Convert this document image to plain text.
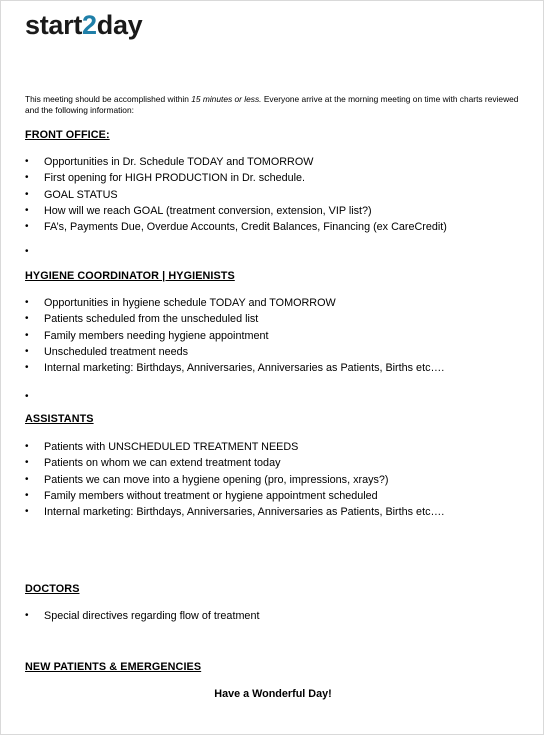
start2day
This meeting should be accomplished within 15 minutes or less. Everyone arrive at the morning meeting on time with charts reviewed and the following information:
FRONT OFFICE:
• Opportunities in Dr. Schedule TODAY and TOMORROW
• First opening for HIGH PRODUCTION in Dr. schedule.
• GOAL STATUS
• How will we reach GOAL (treatment conversion, extension, VIP list?)
• FA’s, Payments Due, Overdue Accounts, Credit Balances, Financing (ex CareCredit)
•
HYGIENE COORDINATOR | HYGIENISTS
• Opportunities in hygiene schedule TODAY and TOMORROW
• Patients scheduled from the unscheduled list
• Family members needing hygiene appointment
• Unscheduled treatment needs
• Internal marketing: Birthdays, Anniversaries, Anniversaries as Patients, Births etc….
•
ASSISTANTS
• Patients with UNSCHEDULED TREATMENT NEEDS
• Patients on whom we can extend treatment today
• Patients we can move into a hygiene opening (pro, impressions, xrays?)
• Family members without treatment or hygiene appointment scheduled
• Internal marketing: Birthdays, Anniversaries, Anniversaries as Patients, Births etc….
DOCTORS
• Special directives regarding flow of treatment
NEW PATIENTS & EMERGENCIES
Have a Wonderful Day!
